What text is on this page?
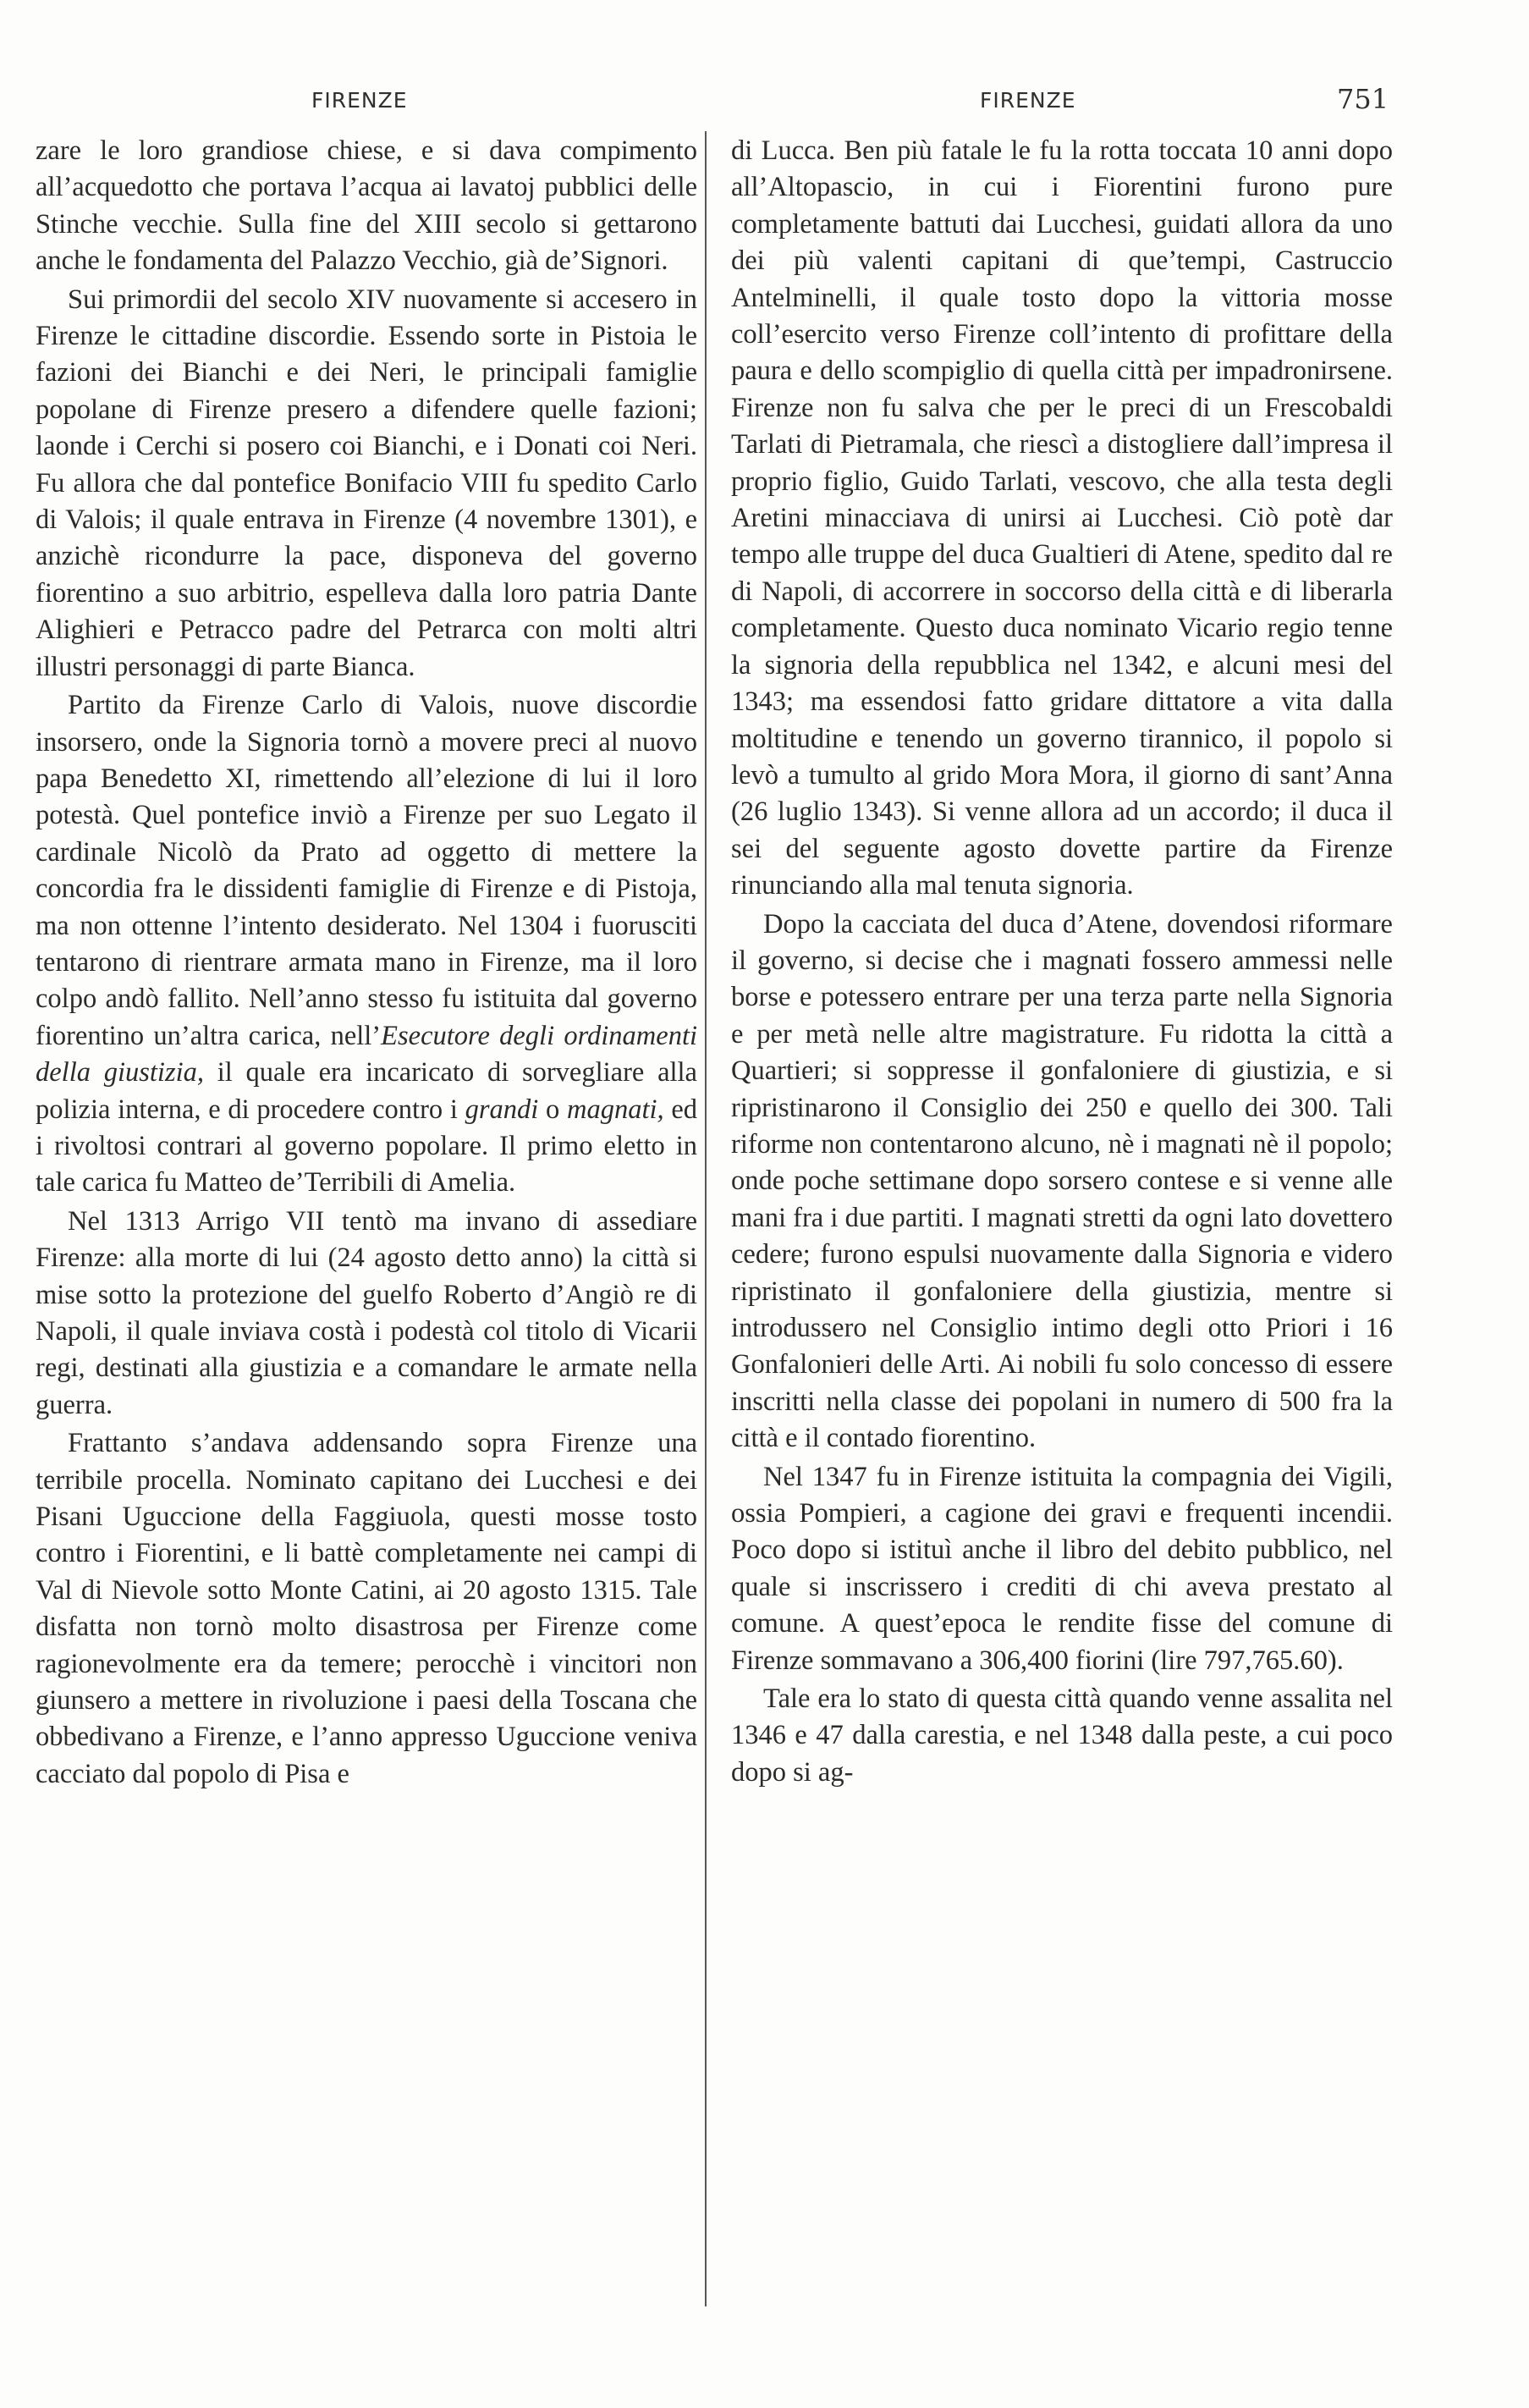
FIRENZE	FIRENZE	751

zare le loro grandiose chiese, e si dava compimento all’acquedotto che portava l’acqua ai lavatoj pubblici delle Stinche vecchie. Sulla fine del XIII secolo si gettarono anche le fondamenta del Palazzo Vecchio, già de’Signori.

Sui primordii del secolo XIV nuovamente si accesero in Firenze le cittadine discordie. Essendo sorte in Pistoia le fazioni dei Bianchi e dei Neri, le principali famiglie popolane di Firenze presero a difendere quelle fazioni; laonde i Cerchi si posero coi Bianchi, e i Donati coi Neri. Fu allora che dal pontefice Bonifacio VIII fu spedito Carlo di Valois; il quale entrava in Firenze (4 novembre 1301), e anzichè ricondurre la pace, disponeva del governo fiorentino a suo arbitrio, espelleva dalla loro patria Dante Alighieri e Petracco padre del Petrarca con molti altri illustri personaggi di parte Bianca.

Partito da Firenze Carlo di Valois, nuove discordie insorsero, onde la Signoria tornò a movere preci al nuovo papa Benedetto XI, rimettendo all’elezione di lui il loro potestà. Quel pontefice inviò a Firenze per suo Legato il cardinale Nicolò da Prato ad oggetto di mettere la concordia fra le dissidenti famiglie di Firenze e di Pistoja, ma non ottenne l’intento desiderato. Nel 1304 i fuorusciti tentarono di rientrare armata mano in Firenze, ma il loro colpo andò fallito. Nell’anno stesso fu istituita dal governo fiorentino un’altra carica, nell’Esecutore degli ordinamenti della giustizia, il quale era incaricato di sorvegliare alla polizia interna, e di procedere contro i grandi o magnati, ed i rivoltosi contrari al governo popolare. Il primo eletto in tale carica fu Matteo de’Terribili di Amelia.

Nel 1313 Arrigo VII tentò ma invano di assediare Firenze: alla morte di lui (24 agosto detto anno) la città si mise sotto la protezione del guelfo Roberto d’Angiò re di Napoli, il quale inviava costà i podestà col titolo di Vicarii regi, destinati alla giustizia e a comandare le armate nella guerra.

Frattanto s’andava addensando sopra Firenze una terribile procella. Nominato capitano dei Lucchesi e dei Pisani Uguccione della Faggiuola, questi mosse tosto contro i Fiorentini, e li battè completamente nei campi di Val di Nievole sotto Monte Catini, ai 20 agosto 1315. Tale disfatta non tornò molto disastrosa per Firenze come ragionevolmente era da temere; perocchè i vincitori non giunsero a mettere in rivoluzione i paesi della Toscana che obbedivano a Firenze, e l’anno appresso Uguccione veniva cacciato dal popolo di Pisa e

di Lucca. Ben più fatale le fu la rotta toccata 10 anni dopo all’Altopascio, in cui i Fiorentini furono pure completamente battuti dai Lucchesi, guidati allora da uno dei più valenti capitani di que’tempi, Castruccio Antelminelli, il quale tosto dopo la vittoria mosse coll’esercito verso Firenze coll’intento di profittare della paura e dello scompiglio di quella città per impadronirsene. Firenze non fu salva che per le preci di un Frescobaldi Tarlati di Pietramala, che riescì a distogliere dall’impresa il proprio figlio, Guido Tarlati, vescovo, che alla testa degli Aretini minacciava di unirsi ai Lucchesi. Ciò potè dar tempo alle truppe del duca Gualtieri di Atene, spedito dal re di Napoli, di accorrere in soccorso della città e di liberarla completamente. Questo duca nominato Vicario regio tenne la signoria della repubblica nel 1342, e alcuni mesi del 1343; ma essendosi fatto gridare dittatore a vita dalla moltitudine e tenendo un governo tirannico, il popolo si levò a tumulto al grido Mora Mora, il giorno di sant’Anna (26 luglio 1343). Si venne allora ad un accordo; il duca il sei del seguente agosto dovette partire da Firenze rinunciando alla mal tenuta signoria.

Dopo la cacciata del duca d’Atene, dovendosi riformare il governo, si decise che i magnati fossero ammessi nelle borse e potessero entrare per una terza parte nella Signoria e per metà nelle altre magistrature. Fu ridotta la città a Quartieri; si soppresse il gonfaloniere di giustizia, e si ripristinarono il Consiglio dei 250 e quello dei 300. Tali riforme non contentarono alcuno, nè i magnati nè il popolo; onde poche settimane dopo sorsero contese e si venne alle mani fra i due partiti. I magnati stretti da ogni lato dovettero cedere; furono espulsi nuovamente dalla Signoria e videro ripristinato il gonfaloniere della giustizia, mentre si introdussero nel Consiglio intimo degli otto Priori i 16 Gonfalonieri delle Arti. Ai nobili fu solo concesso di essere inscritti nella classe dei popolani in numero di 500 fra la città e il contado fiorentino.

Nel 1347 fu in Firenze istituita la compagnia dei Vigili, ossia Pompieri, a cagione dei gravi e frequenti incendii. Poco dopo si istituì anche il libro del debito pubblico, nel quale si inscrissero i crediti di chi aveva prestato al comune. A quest’epoca le rendite fisse del comune di Firenze sommavano a 306,400 fiorini (lire 797,765.60).

Tale era lo stato di questa città quando venne assalita nel 1346 e 47 dalla carestia, e nel 1348 dalla peste, a cui poco dopo si ag-
